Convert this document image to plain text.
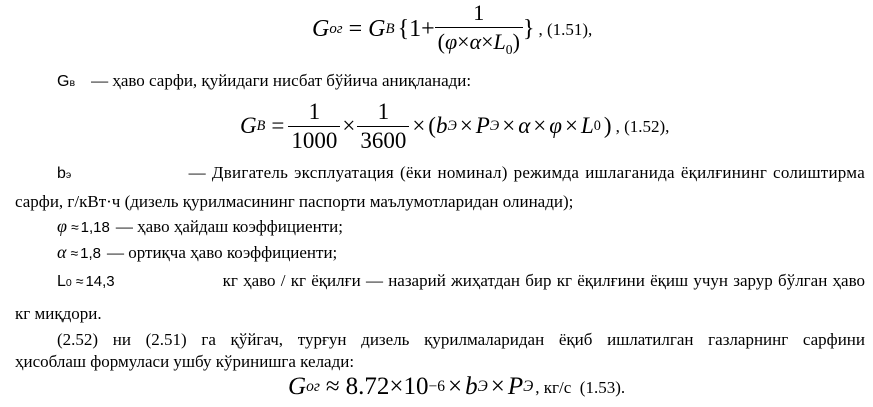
G ог = G B {$1+ \frac{1}{(\varphi\times\alpha\times L_0)}$ } , (1.51),
G в — ҳаво сарфи, қуйидаги нисбат бўйича аниқланади:
G $B = \frac{1}{1000} \times \frac{1}{3600}$ × ( b Э × P Э × α × φ × L 0 ) , (1.52),
b э	— Двигатель эксплуатация (ёки номинал) режимда ишлаганида ёқилғининг солиштирма
сарфи, г/кВт·ч (дизель қурилмасининг паспорти маълумотларидан олинади);
φ ≈ 1,18 — ҳаво ҳайдаш коэффициенти;
α ≈ 1,8 — ортиқча ҳаво коэффициенти;
L 0 ≈ 14,3	кг ҳаво / кг ёқилғи — назарий жиҳатдан бир кг ёқилғини ёқиш учун зарур бўлган ҳаво
кг миқдори.
(2.52) ни (2.51) га қўйгач, турғун дизель қурилмаларидан ёқиб ишлатилган газларнинг сарфини
ҳисоблаш формуласи ушбу кўринишга келади:
G ог ≈ 8.72 ×10 −6 × b Э × P Э , кг/с  (1.53).
